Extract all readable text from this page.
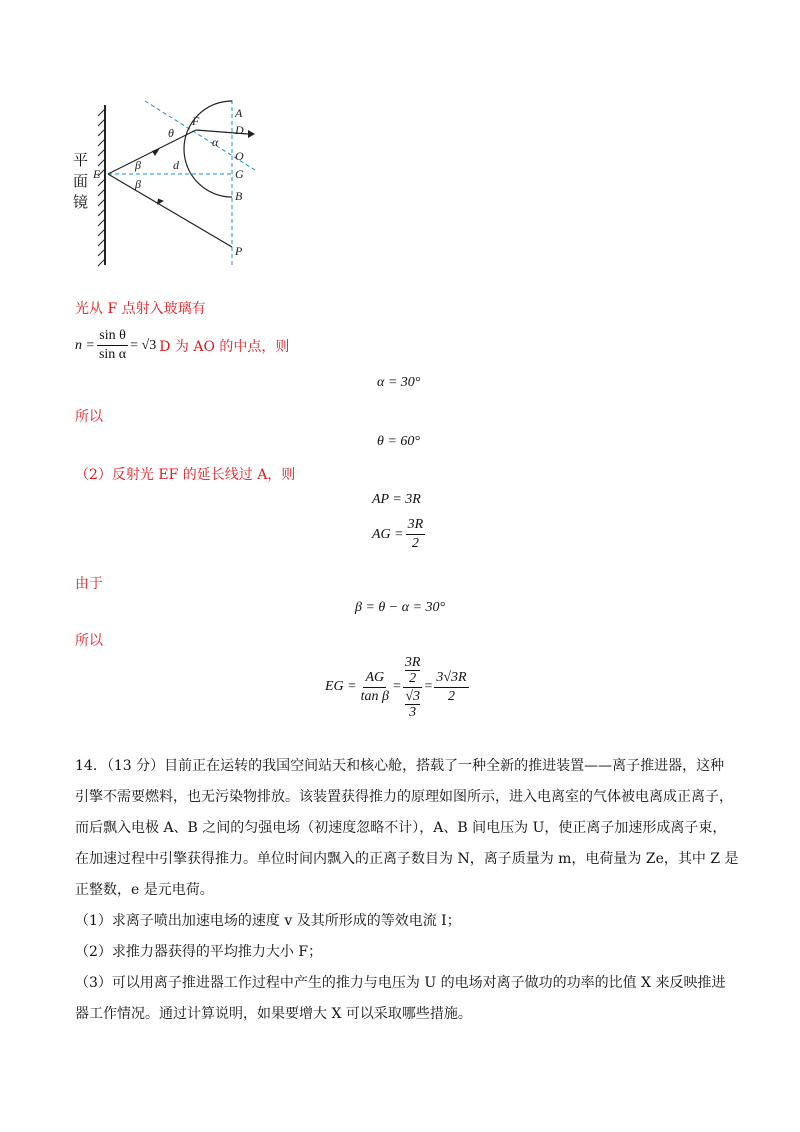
A
D
O
G
B
P
E
F
θ
α
β
β
d
平面镜
光从 F 点射入玻璃有
$n = \frac{\text{sin θ}}{\text{sin α}} = √3$ D 为 AO 的中点，则
α = 30°
所以
θ = 60°
（2）反射光 EF 的延长线过 A，则
AP = 3R
AG = $\frac{3R}{2}$
由于
β = θ − α = 30°
所以
EG = $\frac{AG}{\text{tan β}} = \frac{\frac{3R}{2}}{\frac{√3}{3}} = \frac{3√3R}{2}$
14．（13 分）目前正在运转的我国空间站天和核心舱，搭载了一种全新的推进装置——离子推进器，这种
引擎不需要燃料，也无污染物排放。该装置获得推力的原理如图所示，进入电离室的气体被电离成正离子，
而后飘入电极 A、B 之间的匀强电场（初速度忽略不计），A、B 间电压为 U，使正离子加速形成离子束，
在加速过程中引擎获得推力。单位时间内飘入的正离子数目为 N，离子质量为 m，电荷量为 Ze，其中 Z 是
正整数，e 是元电荷。
（1）求离子喷出加速电场的速度 v 及其所形成的等效电流 I；
（2）求推力器获得的平均推力大小 F；
（3）可以用离子推进器工作过程中产生的推力与电压为 U 的电场对离子做功的功率的比值 X 来反映推进
器工作情况。通过计算说明，如果要增大 X 可以采取哪些措施。
